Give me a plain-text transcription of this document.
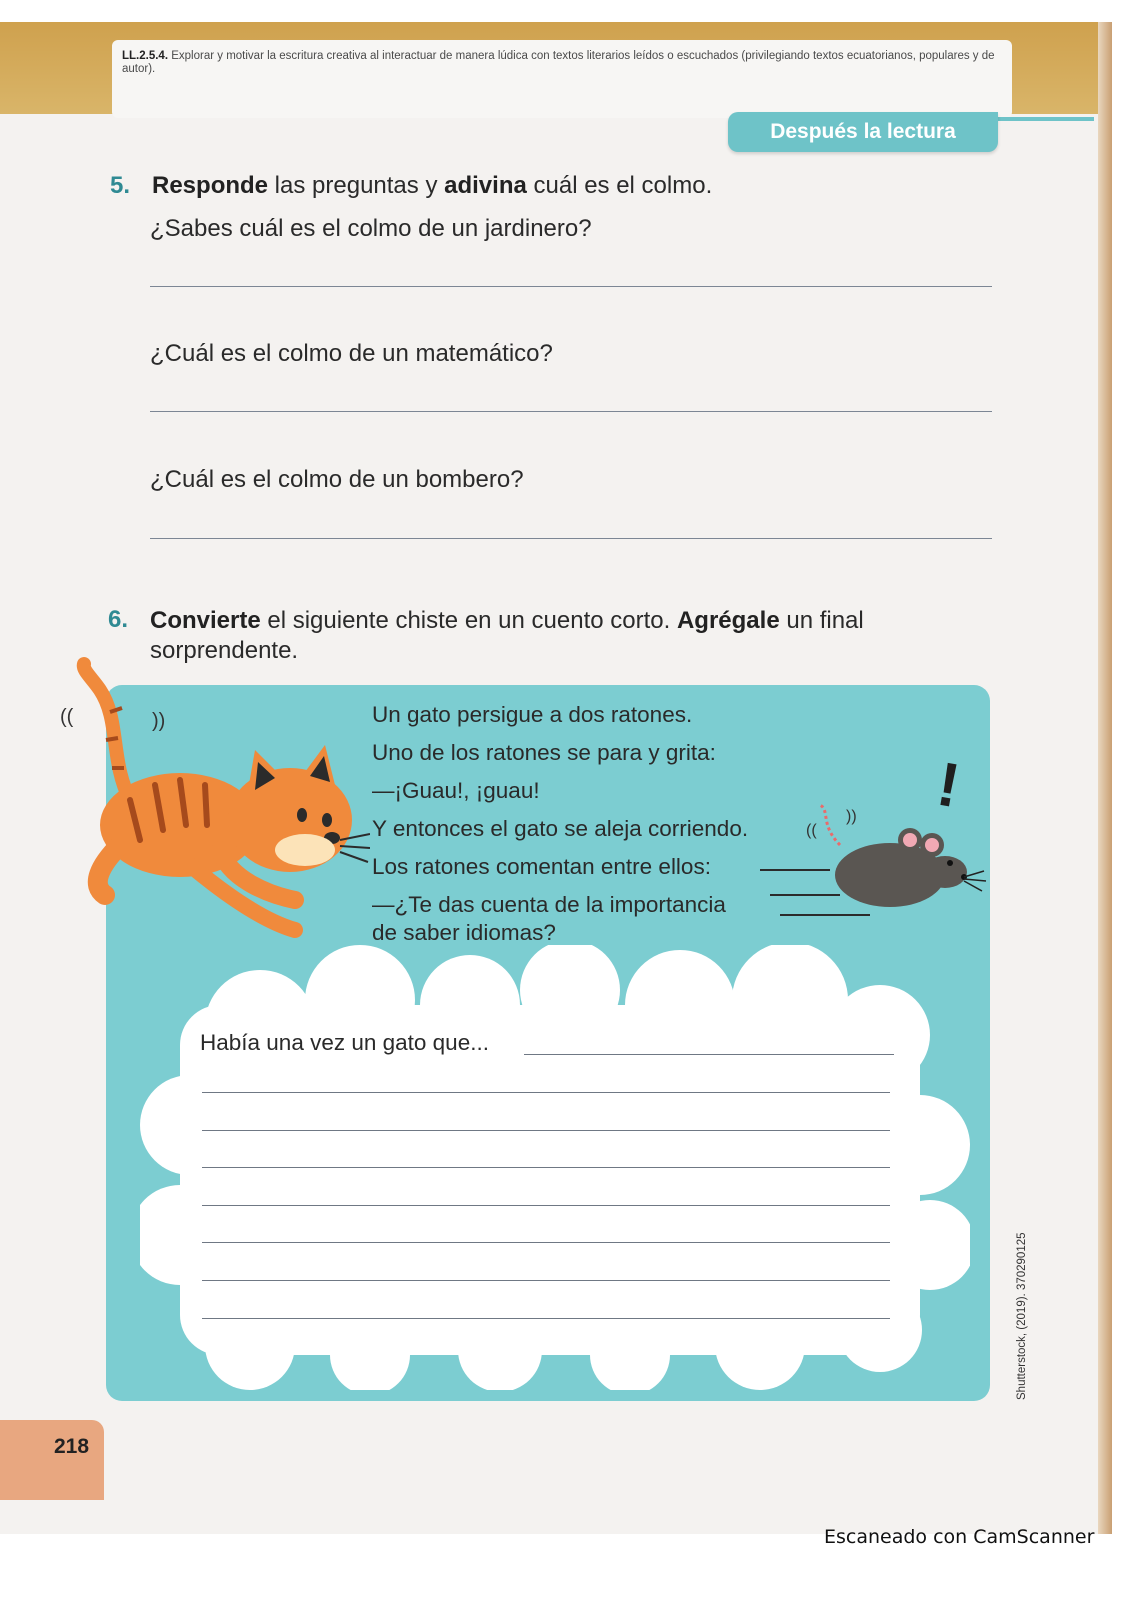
LL.2.5.4. Explorar y motivar la escritura creativa al interactuar de manera lúdica con textos literarios leídos o escuchados (privilegiando textos ecuatorianos, populares y de autor).
Después la lectura
5. Responde las preguntas y adivina cuál es el colmo.
¿Sabes cuál es el colmo de un jardinero?
¿Cuál es el colmo de un matemático?
¿Cuál es el colmo de un bombero?
6. Convierte el siguiente chiste en un cuento corto. Agrégale un final
sorprendente.
((	))
!
((
))
Un gato persigue a dos ratones.
Uno de los ratones se para y grita:
—¡Guau!, ¡guau!
Y entonces el gato se aleja corriendo.
Los ratones comentan entre ellos:
—¿Te das cuenta de la importancia
de saber idiomas?
Había una vez un gato que...
Shutterstock, (2019). 370290125
218
Escaneado con CamScanner
